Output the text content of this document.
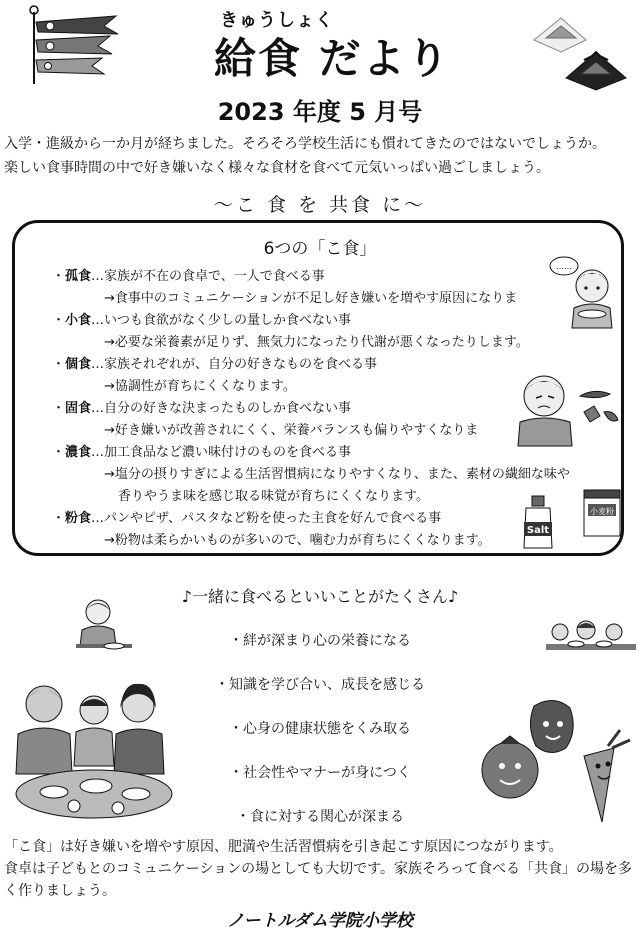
きゅうしょく
給食 だより
2023 年度 5 月号
入学・進級から一か月が経ちました。そろそろ学校生活にも慣れてきたのではないでしょうか。
楽しい食事時間の中で好き嫌いなく様々な食材を食べて元気いっぱい過ごしましょう。
〜こ 食 を 共食 に〜
6つの「こ食」
・孤食…家族が不在の食卓で、一人で食べる事
→食事中のコミュニケーションが不足し好き嫌いを増やす原因になりま
・小食…いつも食欲がなく少しの量しか食べない事
→必要な栄養素が足りず、無気力になったり代謝が悪くなったりします。
・個食…家族それぞれが、自分の好きなものを食べる事
→協調性が育ちにくくなります。
・固食…自分の好きな決まったものしか食べない事
→好き嫌いが改善されにくく、栄養バランスも偏りやすくなりま
・濃食…加工食品など濃い味付けのものを食べる事
→塩分の摂りすぎによる生活習慣病になりやすくなり、また、素材の繊細な味や
香りやうま味を感じ取る味覚が育ちにくくなります。
・粉食…パンやピザ、パスタなど粉を使った主食を好んで食べる事
→粉物は柔らかいものが多いので、噛む力が育ちにくくなります。
……
Salt
小麦粉
♪一緒に食べるといいことがたくさん♪
・絆が深まり心の栄養になる
・知識を学び合い、成長を感じる
・心身の健康状態をくみ取る
・社会性やマナーが身につく
・食に対する関心が深まる
「こ食」は好き嫌いを増やす原因、肥満や生活習慣病を引き起こす原因につながります。
食卓は子どもとのコミュニケーションの場としても大切です。家族そろって食べる「共食」の場を多
く作りましょう。
ノートルダム学院小学校
